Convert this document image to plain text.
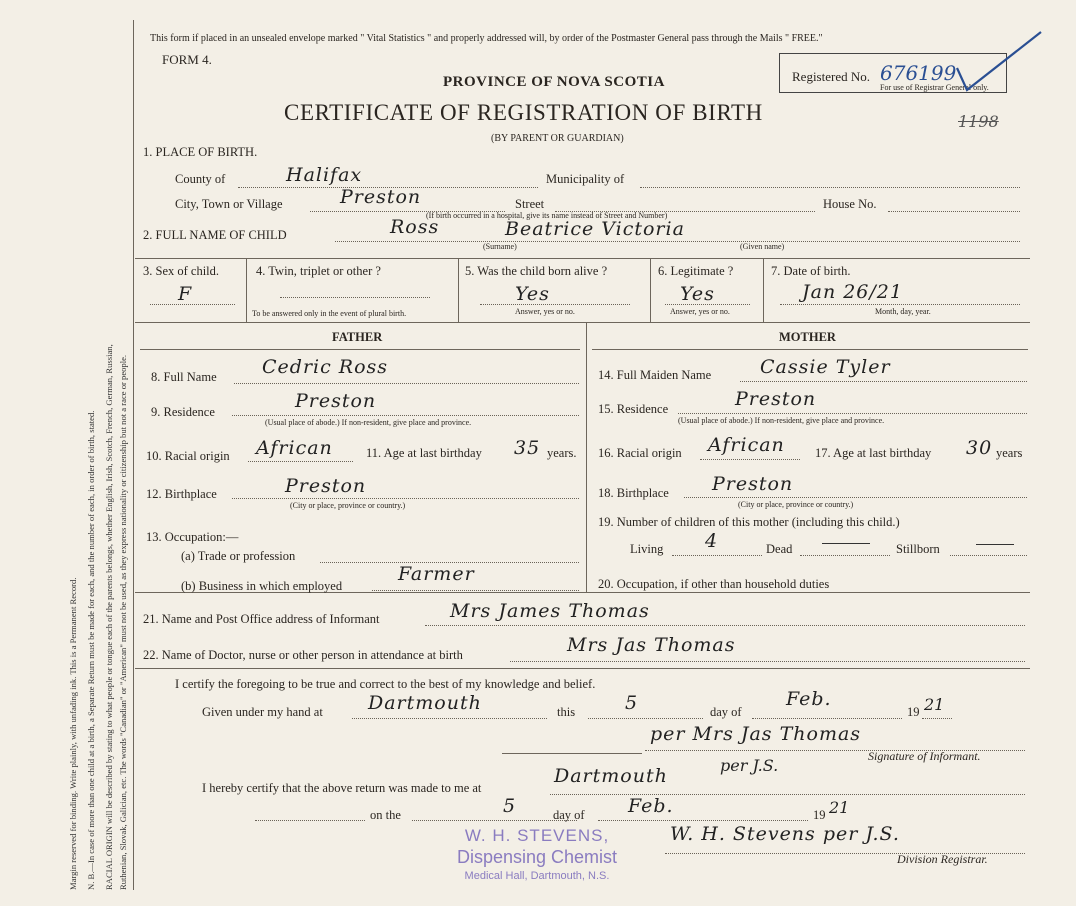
Margin reserved for binding. Write plainly, with unfading ink. This is a Permanent Record. N. B.—In case of more than one child at a birth, a Separate Return must be made for each, and the number of each, in order of birth, stated. RACIAL ORIGIN will be described by stating to what people or tongue each of the parents belongs, whether English, Irish, Scotch, French, German, Russian, Ruthenian, Slovak, Galician, etc. The words "Canadian" or "American" must not be used, as they express nationality or citizenship but not a race or people.
This form if placed in an unsealed envelope marked " Vital Statistics " and properly addressed will, by order of the Postmaster General pass through the Mails " FREE."
FORM 4.
Registered No. 676199
For use of Registrar General only.
1198
PROVINCE OF NOVA SCOTIA
CERTIFICATE OF REGISTRATION OF BIRTH
(BY PARENT OR GUARDIAN)
1. PLACE OF BIRTH.
County of	Halifax	Municipality of
City, Town or Village	Preston	Street	House No.
(If birth occurred in a hospital, give its name instead of Street and Number)
2. FULL NAME OF CHILD	Ross	Beatrice Victoria
(Surname)	(Given name)
3. Sex of child.
F
4. Twin, triplet or other ?
To be answered only in the event of plural birth.
5. Was the child born alive ?
Yes
Answer, yes or no.
6. Legitimate ?
Yes
Answer, yes or no.
7. Date of birth.
Jan 26/21
Month, day, year.
FATHER	MOTHER
8. Full Name Cedric Ross
9. Residence	Preston
(Usual place of abode.) If non-resident, give place and province.
10. Racial origin African	11. Age at last birthday 35 years.
12. Birthplace	Preston
(City or place, province or country.)
13. Occupation:—
(a) Trade or profession
(b) Business in which employed
Farmer
14. Full Maiden Name	Cassie Tyler
15. Residence	Preston
(Usual place of abode.) If non-resident, give place and province.
16. Racial origin African 17. Age at last birthday 30 years
18. Birthplace Preston
(City or place, province or country.)
19. Number of children of this mother (including this child.)
Living 4	Dead	Stillborn
20. Occupation, if other than household duties
21. Name and Post Office address of Informant	Mrs James Thomas
22. Name of Doctor, nurse or other person in attendance at birth	Mrs Jas Thomas
I certify the foregoing to be true and correct to the best of my knowledge and belief.
Given under my hand at Dartmouth	this	5	day of
Feb.
19 21
per Mrs Jas Thomas
Signature of Informant.
I hereby certify that the above return was made to me at
Dartmouth	per J.S.
on the	5	day of Feb.	19 21
W. H. Stevens per J.S.
Division Registrar.
W. H. STEVENS,
Dispensing Chemist
Medical Hall, Dartmouth, N.S.
